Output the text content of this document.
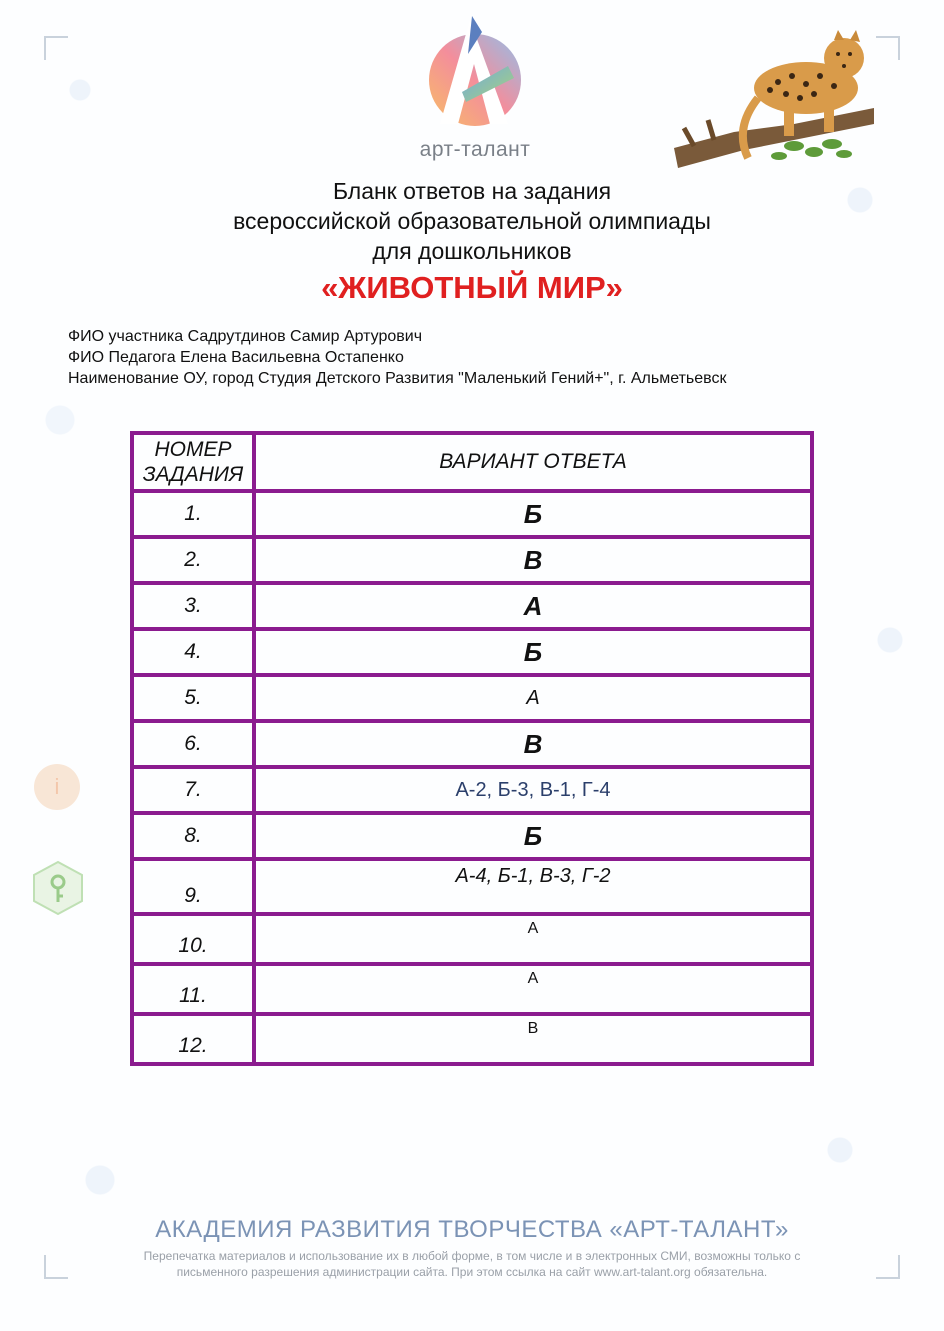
арт-талант
Бланк ответов на задания
всероссийской образовательной олимпиады
для дошкольников
«ЖИВОТНЫЙ МИР»
ФИО участника Садрутдинов Самир Артурович
ФИО Педагога Елена Васильевна Остапенко
Наименование ОУ, город Студия Детского Развития "Маленький Гений+", г. Альметьевск
НОМЕР
ЗАДАНИЯ	ВАРИАНТ ОТВЕТА
1.	Б
2.	В
3.	А
4.	Б
5.	А
6.	В
7.	А-2, Б-3, В-1, Г-4
8.	Б
9.	А-4, Б-1, В-3, Г-2
10.	А
11.	А
12.	В
i
АКАДЕМИЯ РАЗВИТИЯ ТВОРЧЕСТВА «АРТ-ТАЛАНТ»
Перепечатка материалов и использование их в любой форме, в том числе и в электронных СМИ, возможны только с
письменного разрешения администрации сайта. При этом ссылка на сайт www.art-talant.org обязательна.
